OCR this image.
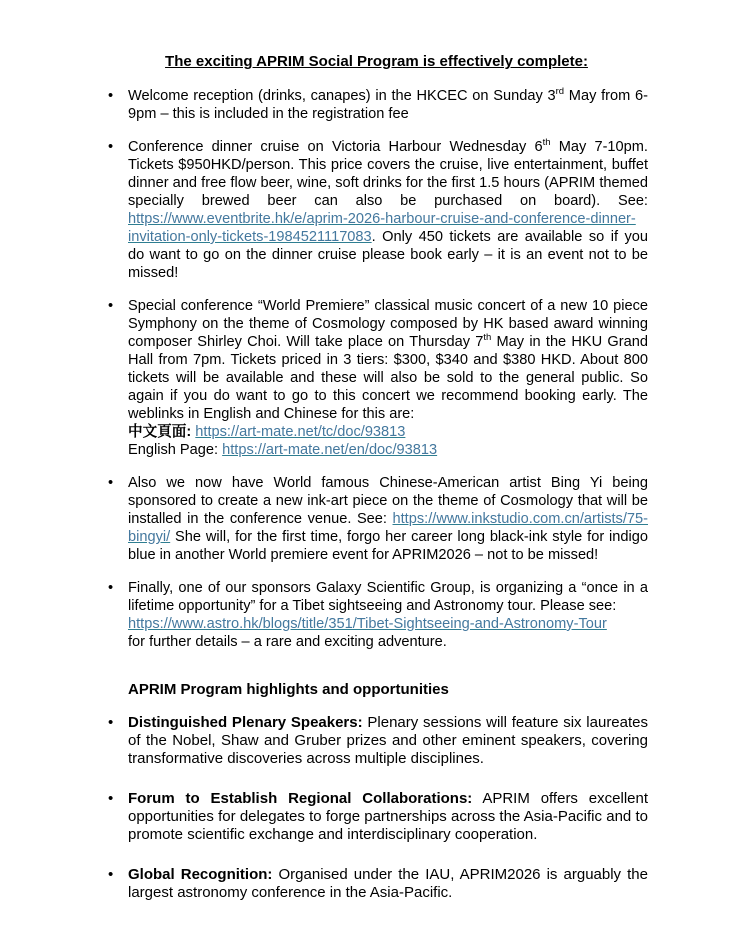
The exciting APRIM Social Program is effectively complete:
• Welcome reception (drinks, canapes) in the HKCEC on Sunday 3rd May from 6-9pm – this is included in the registration fee
• Conference dinner cruise on Victoria Harbour Wednesday 6th May 7-10pm. Tickets $950HKD/person. This price covers the cruise, live entertainment, buffet dinner and free flow beer, wine, soft drinks for the first 1.5 hours (APRIM themed specially brewed beer can also be purchased on board). See: https://www.eventbrite.hk/e/aprim-2026-harbour-cruise-and-conference-dinner-invitation-only-tickets-1984521117083. Only 450 tickets are available so if you do want to go on the dinner cruise please book early – it is an event not to be missed!
• Special conference “World Premiere” classical music concert of a new 10 piece Symphony on the theme of Cosmology composed by HK based award winning composer Shirley Choi. Will take place on Thursday 7th May in the HKU Grand Hall from 7pm. Tickets priced in 3 tiers: $300, $340 and $380 HKD. About 800 tickets will be available and these will also be sold to the general public. So again if you do want to go to this concert we recommend booking early. The weblinks in English and Chinese for this are:
中文頁面: https://art-mate.net/tc/doc/93813
English Page: https://art-mate.net/en/doc/93813
• Also we now have World famous Chinese-American artist Bing Yi being sponsored to create a new ink-art piece on the theme of Cosmology that will be installed in the conference venue. See: https://www.inkstudio.com.cn/artists/75-bingyi/ She will, for the first time, forgo her career long black-ink style for indigo blue in another World premiere event for APRIM2026 – not to be missed!
• Finally, one of our sponsors Galaxy Scientific Group, is organizing a “once in a lifetime opportunity” for a Tibet sightseeing and Astronomy tour. Please see:
https://www.astro.hk/blogs/title/351/Tibet-Sightseeing-and-Astronomy-Tour
for further details – a rare and exciting adventure.
APRIM Program highlights and opportunities
• Distinguished Plenary Speakers: Plenary sessions will feature six laureates of the Nobel, Shaw and Gruber prizes and other eminent speakers, covering transformative discoveries across multiple disciplines.
• Forum to Establish Regional Collaborations: APRIM offers excellent opportunities for delegates to forge partnerships across the Asia-Pacific and to promote scientific exchange and interdisciplinary cooperation.
• Global Recognition: Organised under the IAU, APRIM2026 is arguably the largest astronomy conference in the Asia-Pacific.
